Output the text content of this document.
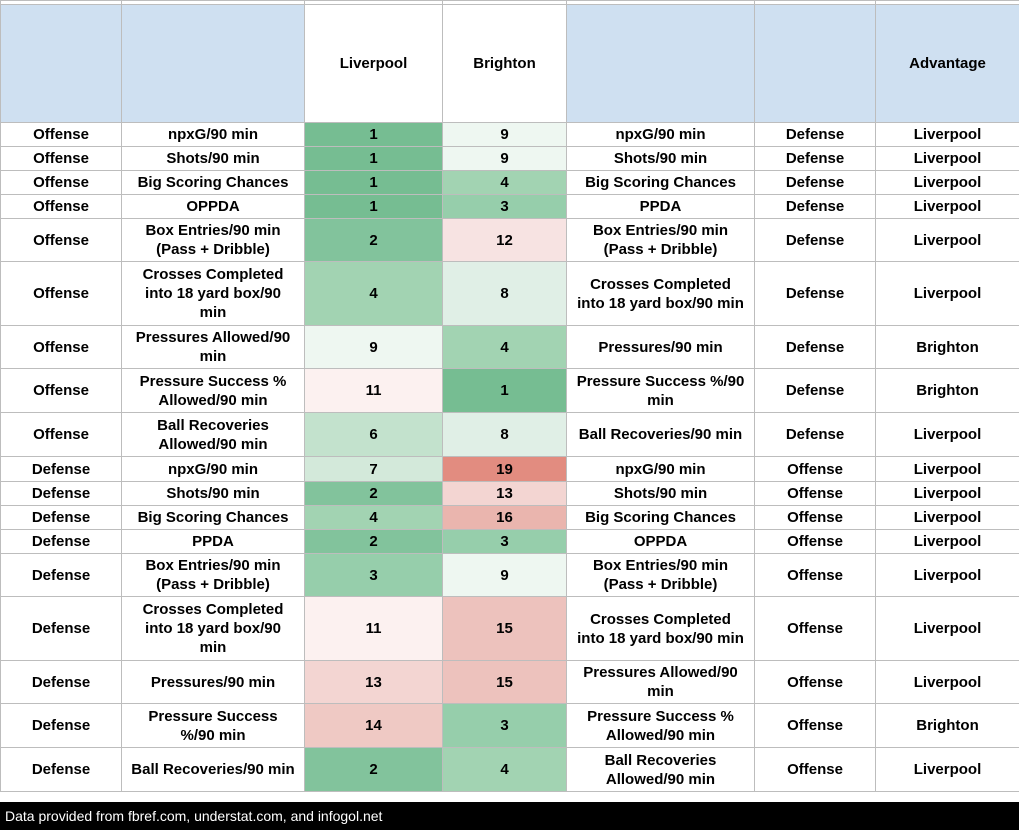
		Liverpool	Brighton			Advantage
Offense	npxG/90 min	1	9	npxG/90 min	Defense	Liverpool
Offense	Shots/90 min	1	9	Shots/90 min	Defense	Liverpool
Offense	Big Scoring Chances	1	4	Big Scoring Chances	Defense	Liverpool
Offense	OPPDA	1	3	PPDA	Defense	Liverpool
Offense	Box Entries/90 min
(Pass + Dribble)	2	12	Box Entries/90 min
(Pass + Dribble)	Defense	Liverpool
Offense	Crosses Completed
into 18 yard box/90
min	4	8	Crosses Completed
into 18 yard box/90 min	Defense	Liverpool
Offense	Pressures Allowed/90
min	9	4	Pressures/90 min	Defense	Brighton
Offense	Pressure Success %
Allowed/90 min	11	1	Pressure Success %/90
min	Defense	Brighton
Offense	Ball Recoveries
Allowed/90 min	6	8	Ball Recoveries/90 min	Defense	Liverpool
Defense	npxG/90 min	7	19	npxG/90 min	Offense	Liverpool
Defense	Shots/90 min	2	13	Shots/90 min	Offense	Liverpool
Defense	Big Scoring Chances	4	16	Big Scoring Chances	Offense	Liverpool
Defense	PPDA	2	3	OPPDA	Offense	Liverpool
Defense	Box Entries/90 min
(Pass + Dribble)	3	9	Box Entries/90 min
(Pass + Dribble)	Offense	Liverpool
Defense	Crosses Completed
into 18 yard box/90
min	11	15	Crosses Completed
into 18 yard box/90 min	Offense	Liverpool
Defense	Pressures/90 min	13	15	Pressures Allowed/90
min	Offense	Liverpool
Defense	Pressure Success
%/90 min	14	3	Pressure Success %
Allowed/90 min	Offense	Brighton
Defense	Ball Recoveries/90 min	2	4	Ball Recoveries
Allowed/90 min	Offense	Liverpool
Data provided from fbref.com, understat.com, and infogol.net
